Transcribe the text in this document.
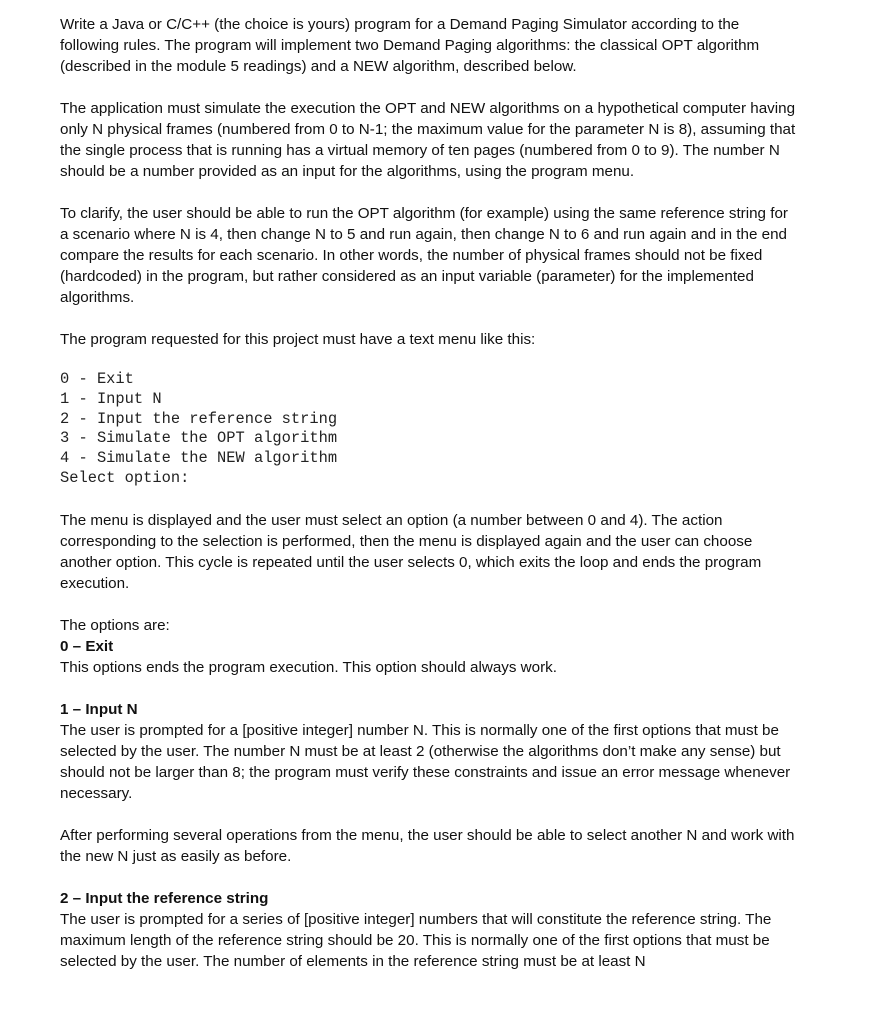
Write a Java or C/C++ (the choice is yours) program for a Demand Paging Simulator according to the following rules. The program will implement two Demand Paging algorithms: the classical OPT algorithm (described in the module 5 readings) and a NEW algorithm, described below.

The application must simulate the execution the OPT and NEW algorithms on a hypothetical computer having only N physical frames (numbered from 0 to N-1; the maximum value for the parameter N is 8), assuming that the single process that is running has a virtual memory of ten pages (numbered from 0 to 9). The number N should be a number provided as an input for the algorithms, using the program menu.

To clarify, the user should be able to run the OPT algorithm (for example) using the same reference string for a scenario where N is 4, then change N to 5 and run again, then change N to 6 and run again and in the end compare the results for each scenario. In other words, the number of physical frames should not be fixed (hardcoded) in the program, but rather considered as an input variable (parameter) for the implemented algorithms.

The program requested for this project must have a text menu like this:

0 - Exit
1 - Input N
2 - Input the reference string
3 - Simulate the OPT algorithm
4 - Simulate the NEW algorithm
Select option:

The menu is displayed and the user must select an option (a number between 0 and 4). The action corresponding to the selection is performed, then the menu is displayed again and the user can choose another option. This cycle is repeated until the user selects 0, which exits the loop and ends the program execution.

The options are:

0 – Exit

This options ends the program execution. This option should always work.

1 – Input N

The user is prompted for a [positive integer] number N. This is normally one of the first options that must be selected by the user. The number N must be at least 2 (otherwise the algorithms don’t make any sense) but should not be larger than 8; the program must verify these constraints and issue an error message whenever necessary.

After performing several operations from the menu, the user should be able to select another N and work with the new N just as easily as before.

2 – Input the reference string

The user is prompted for a series of [positive integer] numbers that will constitute the reference string. The maximum length of the reference string should be 20. This is normally one of the first options that must be selected by the user. The number of elements in the reference string must be at least N
